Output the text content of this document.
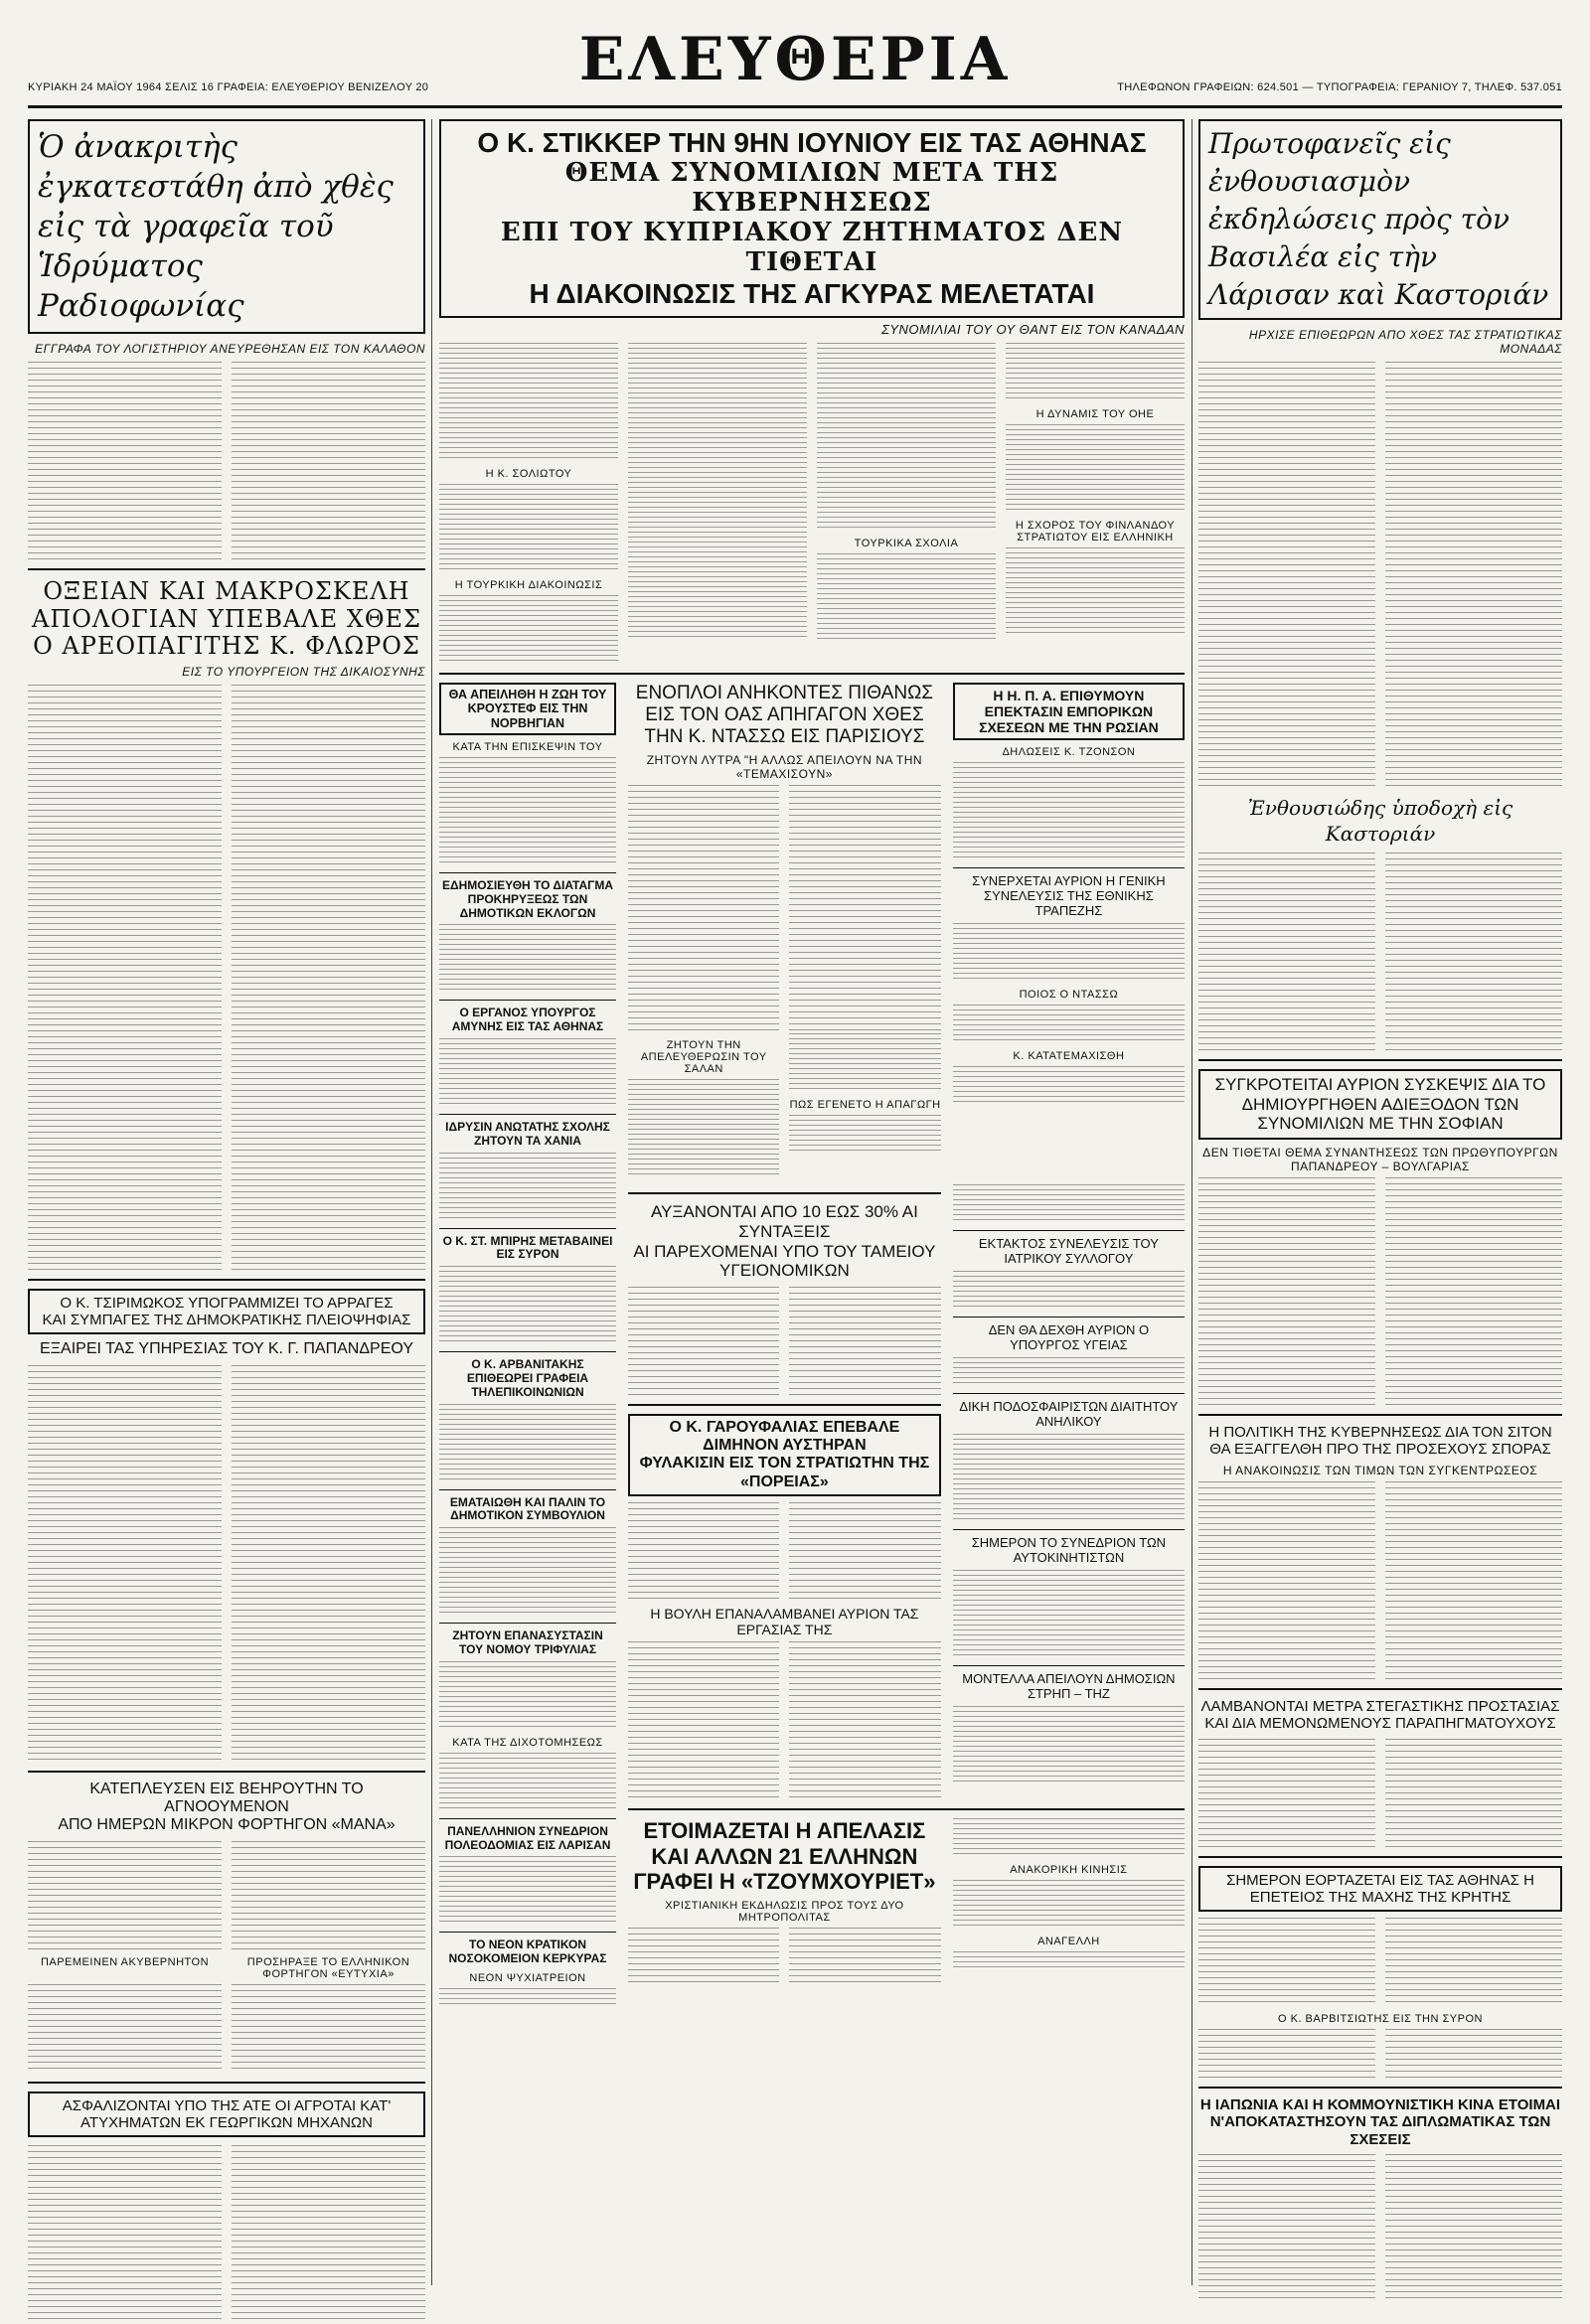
ΚΥΡΙΑΚΗ 24 ΜΑΪΟΥ 1964 ΣΕΛΙΣ 16 ΓΡΑΦΕΙΑ: ΕΛΕΥΘΕΡΙΟΥ ΒΕΝΙΖΕΛΟΥ 20	ΕΛΕΥΘΕΡΙΑ	ΤΗΛΕΦΩΝΟΝ ΓΡΑΦΕΙΩΝ: 624.501 — ΤΥΠΟΓΡΑΦΕΙΑ: ΓΕΡΑΝΙΟΥ 7, ΤΗΛΕΦ. 537.051
Ὁ ἀνακριτὴς ἐγκατεστάθη ἀπὸ χθὲς εἰς τὰ γραφεῖα τοῦ Ἱδρύματος Ραδιοφωνίας
ΕΓΓΡΑΦΑ ΤΟΥ ΛΟΓΙΣΤΗΡΙΟΥ ΑΝΕΥΡΕΘΗΣΑΝ ΕΙΣ ΤΟΝ ΚΑΛΑΘΟΝ
ΟΞΕΙΑΝ ΚΑΙ ΜΑΚΡΟΣΚΕΛΗ
ΑΠΟΛΟΓΙΑΝ ΥΠΕΒΑΛΕ ΧΘΕΣ
Ο ΑΡΕΟΠΑΓΙΤΗΣ Κ. ΦΛΩΡΟΣ
ΕΙΣ ΤΟ ΥΠΟΥΡΓΕΙΟΝ ΤΗΣ ΔΙΚΑΙΟΣΥΝΗΣ
Ο Κ. ΤΣΙΡΙΜΩΚΟΣ ΥΠΟΓΡΑΜΜΙΖΕΙ ΤΟ ΑΡΡΑΓΕΣ
ΚΑΙ ΣΥΜΠΑΓΕΣ ΤΗΣ ΔΗΜΟΚΡΑΤΙΚΗΣ ΠΛΕΙΟΨΗΦΙΑΣ
ΕΞΑΙΡΕΙ ΤΑΣ ΥΠΗΡΕΣΙΑΣ ΤΟΥ Κ. Γ. ΠΑΠΑΝΔΡΕΟΥ
ΚΑΤΕΠΛΕΥΣΕΝ ΕΙΣ ΒΕΗΡΟΥΤΗΝ ΤΟ ΑΓΝΟΟΥΜΕΝΟΝ
ΑΠΟ ΗΜΕΡΩΝ ΜΙΚΡΟΝ ΦΟΡΤΗΓΟΝ «ΜΑΝΑ»
ΠΑΡΕΜΕΙΝΕΝ ΑΚΥΒΕΡΝΗΤΟΝ	ΠΡΟΣΗΡΑΞΕ ΤΟ ΕΛΛΗΝΙΚΟΝ ΦΟΡΤΗΓΟΝ «ΕΥΤΥΧΙΑ»
ΑΣΦΑΛΙΖΟΝΤΑΙ ΥΠΟ ΤΗΣ ΑΤΕ ΟΙ ΑΓΡΟΤΑΙ ΚΑΤ' ΑΤΥΧΗΜΑΤΩΝ ΕΚ ΓΕΩΡΓΙΚΩΝ ΜΗΧΑΝΩΝ
Ο Κ. ΣΤΙΚΚΕΡ ΤΗΝ 9ΗΝ ΙΟΥΝΙΟΥ ΕΙΣ ΤΑΣ ΑΘΗΝΑΣ
ΘΕΜΑ ΣΥΝΟΜΙΛΙΩΝ ΜΕΤΑ ΤΗΣ ΚΥΒΕΡΝΗΣΕΩΣ
ΕΠΙ ΤΟΥ ΚΥΠΡΙΑΚΟΥ ΖΗΤΗΜΑΤΟΣ ΔΕΝ ΤΙΘΕΤΑΙ
Η ΔΙΑΚΟΙΝΩΣΙΣ ΤΗΣ ΑΓΚΥΡΑΣ ΜΕΛΕΤΑΤΑΙ
ΣΥΝΟΜΙΛΙΑΙ ΤΟΥ ΟΥ ΘΑΝΤ ΕΙΣ ΤΟΝ ΚΑΝΑΔΑΝ
Η Κ. ΣΟΛΙΩΤΟΥ
Η ΤΟΥΡΚΙΚΗ ΔΙΑΚΟΙΝΩΣΙΣ
ΤΟΥΡΚΙΚΑ ΣΧΟΛΙΑ
Η ΔΥΝΑΜΙΣ ΤΟΥ ΟΗΕ
Η ΣΧΟΡΟΣ ΤΟΥ ΦΙΝΛΑΝΔΟΥ ΣΤΡΑΤΙΩΤΟΥ ΕΙΣ ΕΛΛΗΝΙΚΗ
ΘΑ ΑΠΕΙΛΗΘΗ Η ΖΩΗ ΤΟΥ ΚΡΟΥΣΤΕΦ ΕΙΣ ΤΗΝ ΝΟΡΒΗΓΙΑΝ
ΚΑΤΑ ΤΗΝ ΕΠΙΣΚΕΨΙΝ ΤΟΥ
ΕΔΗΜΟΣΙΕΥΘΗ ΤΟ ΔΙΑΤΑΓΜΑ ΠΡΟΚΗΡΥΞΕΩΣ ΤΩΝ ΔΗΜΟΤΙΚΩΝ ΕΚΛΟΓΩΝ
Ο ΕΡΓΑΝΟΣ ΥΠΟΥΡΓΟΣ ΑΜΥΝΗΣ ΕΙΣ ΤΑΣ ΑΘΗΝΑΣ
ΙΔΡΥΣΙΝ ΑΝΩΤΑΤΗΣ ΣΧΟΛΗΣ ΖΗΤΟΥΝ ΤΑ ΧΑΝΙΑ
Ο Κ. ΣΤ. ΜΠΙΡΗΣ ΜΕΤΑΒΑΙΝΕΙ ΕΙΣ ΣΥΡΟΝ
Ο Κ. ΑΡΒΑΝΙΤΑΚΗΣ ΕΠΙΘΕΩΡΕΙ ΓΡΑΦΕΙΑ ΤΗΛΕΠΙΚΟΙΝΩΝΙΩΝ
ΕΜΑΤΑΙΩΘΗ ΚΑΙ ΠΑΛΙΝ ΤΟ ΔΗΜΟΤΙΚΟΝ ΣΥΜΒΟΥΛΙΟΝ
ΖΗΤΟΥΝ ΕΠΑΝΑΣΥΣΤΑΣΙΝ ΤΟΥ ΝΟΜΟΥ ΤΡΙΦΥΛΙΑΣ
ΚΑΤΑ ΤΗΣ ΔΙΧΟΤΟΜΗΣΕΩΣ
ΠΑΝΕΛΛΗΝΙΟΝ ΣΥΝΕΔΡΙΟΝ ΠΟΛΕΟΔΟΜΙΑΣ ΕΙΣ ΛΑΡΙΣΑΝ
ΤΟ ΝΕΟΝ ΚΡΑΤΙΚΟΝ ΝΟΣΟΚΟΜΕΙΟΝ ΚΕΡΚΥΡΑΣ
ΝΕΟΝ ΨΥΧΙΑΤΡΕΙΟΝ
ΕΝΟΠΛΟΙ ΑΝΗΚΟΝΤΕΣ ΠΙΘΑΝΩΣ
ΕΙΣ ΤΟΝ ΟΑΣ ΑΠΗΓΑΓΟΝ ΧΘΕΣ
ΤΗΝ Κ. ΝΤΑΣΣΩ ΕΙΣ ΠΑΡΙΣΙΟΥΣ
ΖΗΤΟΥΝ ΛΥΤΡΑ "Η ΑΛΛΩΣ ΑΠΕΙΛΟΥΝ ΝΑ ΤΗΝ «ΤΕΜΑΧΙΣΟΥΝ»
ΖΗΤΟΥΝ ΤΗΝ ΑΠΕΛΕΥΘΕΡΩΣΙΝ ΤΟΥ ΣΑΛΑΝ
ΠΩΣ ΕΓΕΝΕΤΟ Η ΑΠΑΓΩΓΗ
Η Η. Π. Α. ΕΠΙΘΥΜΟΥΝ ΕΠΕΚΤΑΣΙΝ ΕΜΠΟΡΙΚΩΝ ΣΧΕΣΕΩΝ ΜΕ ΤΗΝ ΡΩΣΙΑΝ
ΔΗΛΩΣΕΙΣ Κ. ΤΖΟΝΣΟΝ
ΣΥΝΕΡΧΕΤΑΙ ΑΥΡΙΟΝ Η ΓΕΝΙΚΗ ΣΥΝΕΛΕΥΣΙΣ ΤΗΣ ΕΘΝΙΚΗΣ ΤΡΑΠΕΖΗΣ
ΠΟΙΟΣ Ο ΝΤΑΣΣΩ
Κ. ΚΑΤΑΤΕΜΑΧΙΣΘΗ
ΑΥΞΑΝΟΝΤΑΙ ΑΠΟ 10 ΕΩΣ 30% ΑΙ ΣΥΝΤΑΞΕΙΣ
ΑΙ ΠΑΡΕΧΟΜΕΝΑΙ ΥΠΟ ΤΟΥ ΤΑΜΕΙΟΥ ΥΓΕΙΟΝΟΜΙΚΩΝ
Ο Κ. ΓΑΡΟΥΦΑΛΙΑΣ ΕΠΕΒΑΛΕ ΔΙΜΗΝΟΝ ΑΥΣΤΗΡΑΝ
ΦΥΛΑΚΙΣΙΝ ΕΙΣ ΤΟΝ ΣΤΡΑΤΙΩΤΗΝ ΤΗΣ «ΠΟΡΕΙΑΣ»
Η ΒΟΥΛΗ ΕΠΑΝΑΛΑΜΒΑΝΕΙ ΑΥΡΙΟΝ ΤΑΣ ΕΡΓΑΣΙΑΣ ΤΗΣ
ΕΚΤΑΚΤΟΣ ΣΥΝΕΛΕΥΣΙΣ ΤΟΥ ΙΑΤΡΙΚΟΥ ΣΥΛΛΟΓΟΥ
ΔΕΝ ΘΑ ΔΕΧΘΗ ΑΥΡΙΟΝ Ο ΥΠΟΥΡΓΟΣ ΥΓΕΙΑΣ
ΔΙΚΗ ΠΟΔΟΣΦΑΙΡΙΣΤΩΝ ΔΙΑΙΤΗΤΟΥ ΑΝΗΛΙΚΟΥ
ΣΗΜΕΡΟΝ ΤΟ ΣΥΝΕΔΡΙΟΝ ΤΩΝ ΑΥΤΟΚΙΝΗΤΙΣΤΩΝ
ΜΟΝΤΕΛΛΑ ΑΠΕΙΛΟΥΝ ΔΗΜΟΣΙΩΝ ΣΤΡΗΠ – ΤΗΖ
ΕΤΟΙΜΑΖΕΤΑΙ Η ΑΠΕΛΑΣΙΣ
ΚΑΙ ΑΛΛΩΝ 21 ΕΛΛΗΝΩΝ
ΓΡΑΦΕΙ Η «ΤΖΟΥΜΧΟΥΡΙΕΤ»
ΧΡΙΣΤΙΑΝΙΚΗ ΕΚΔΗΛΩΣΙΣ ΠΡΟΣ ΤΟΥΣ ΔΥΟ ΜΗΤΡΟΠΟΛΙΤΑΣ
ΑΝΑΚΟΡΙΚΗ ΚΙΝΗΣΙΣ
ΑΝΑΓΕΛΛΗ
Πρωτοφανεῖς εἰς ἐνθουσιασμὸν ἐκδηλώσεις πρὸς τὸν Βασιλέα εἰς τὴν Λάρισαν καὶ Καστοριάν
ΗΡΧΙΣΕ ΕΠΙΘΕΩΡΩΝ ΑΠΟ ΧΘΕΣ ΤΑΣ ΣΤΡΑΤΙΩΤΙΚΑΣ ΜΟΝΑΔΑΣ
Ἐνθουσιώδης ὑποδοχὴ εἰς Καστοριάν
ΣΥΓΚΡΟΤΕΙΤΑΙ ΑΥΡΙΟΝ ΣΥΣΚΕΨΙΣ ΔΙΑ ΤΟ ΔΗΜΙΟΥΡΓΗΘΕΝ ΑΔΙΕΞΟΔΟΝ ΤΩΝ ΣΥΝΟΜΙΛΙΩΝ ΜΕ ΤΗΝ ΣΟΦΙΑΝ
ΔΕΝ ΤΙΘΕΤΑΙ ΘΕΜΑ ΣΥΝΑΝΤΗΣΕΩΣ ΤΩΝ ΠΡΩΘΥΠΟΥΡΓΩΝ ΠΑΠΑΝΔΡΕΟΥ – ΒΟΥΛΓΑΡΙΑΣ
Η ΠΟΛΙΤΙΚΗ ΤΗΣ ΚΥΒΕΡΝΗΣΕΩΣ ΔΙΑ ΤΟΝ ΣΙΤΟΝ ΘΑ ΕΞΑΓΓΕΛΘΗ ΠΡΟ ΤΗΣ ΠΡΟΣΕΧΟΥΣ ΣΠΟΡΑΣ
Η ΑΝΑΚΟΙΝΩΣΙΣ ΤΩΝ ΤΙΜΩΝ ΤΩΝ ΣΥΓΚΕΝΤΡΩΣΕΟΣ
ΛΑΜΒΑΝΟΝΤΑΙ ΜΕΤΡΑ ΣΤΕΓΑΣΤΙΚΗΣ ΠΡΟΣΤΑΣΙΑΣ ΚΑΙ ΔΙΑ ΜΕΜΟΝΩΜΕΝΟΥΣ ΠΑΡΑΠΗΓΜΑΤΟΥΧΟΥΣ
ΣΗΜΕΡΟΝ ΕΟΡΤΑΖΕΤΑΙ ΕΙΣ ΤΑΣ ΑΘΗΝΑΣ Η ΕΠΕΤΕΙΟΣ ΤΗΣ ΜΑΧΗΣ ΤΗΣ ΚΡΗΤΗΣ
Ο Κ. ΒΑΡΒΙΤΣΙΩΤΗΣ ΕΙΣ ΤΗΝ ΣΥΡΟΝ
Η ΙΑΠΩΝΙΑ ΚΑΙ Η ΚΟΜΜΟΥΝΙΣΤΙΚΗ ΚΙΝΑ ΕΤΟΙΜΑΙ Ν'ΑΠΟΚΑΤΑΣΤΗΣΟΥΝ ΤΑΣ ΔΙΠΛΩΜΑΤΙΚΑΣ ΤΩΝ ΣΧΕΣΕΙΣ
